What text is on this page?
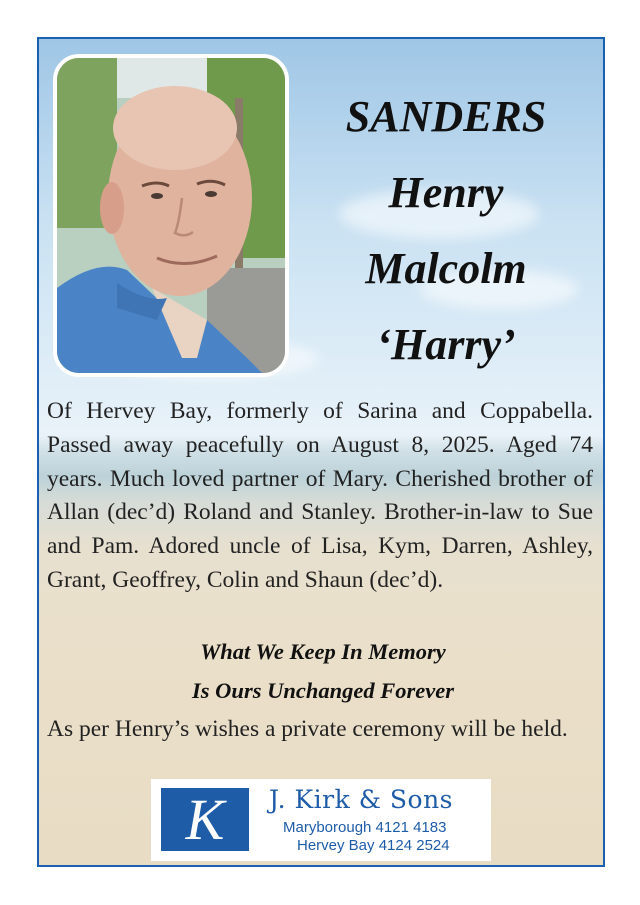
SANDERS
Henry
Malcolm
‘Harry’
Of Hervey Bay, formerly of Sarina and Coppabella. Passed away peacefully on August 8, 2025. Aged 74 years. Much loved partner of Mary. Cherished brother of Allan (dec’d) Roland and Stanley. Brother-in-law to Sue and Pam. Adored uncle of Lisa, Kym, Darren, Ashley, Grant, Geoffrey, Colin and Shaun (dec’d).
What We Keep In Memory
Is Ours Unchanged Forever
As per Henry’s wishes a private ceremony will be held.
K	J. Kirk & Sons
Maryborough 4121 4183
Hervey Bay 4124 2524
